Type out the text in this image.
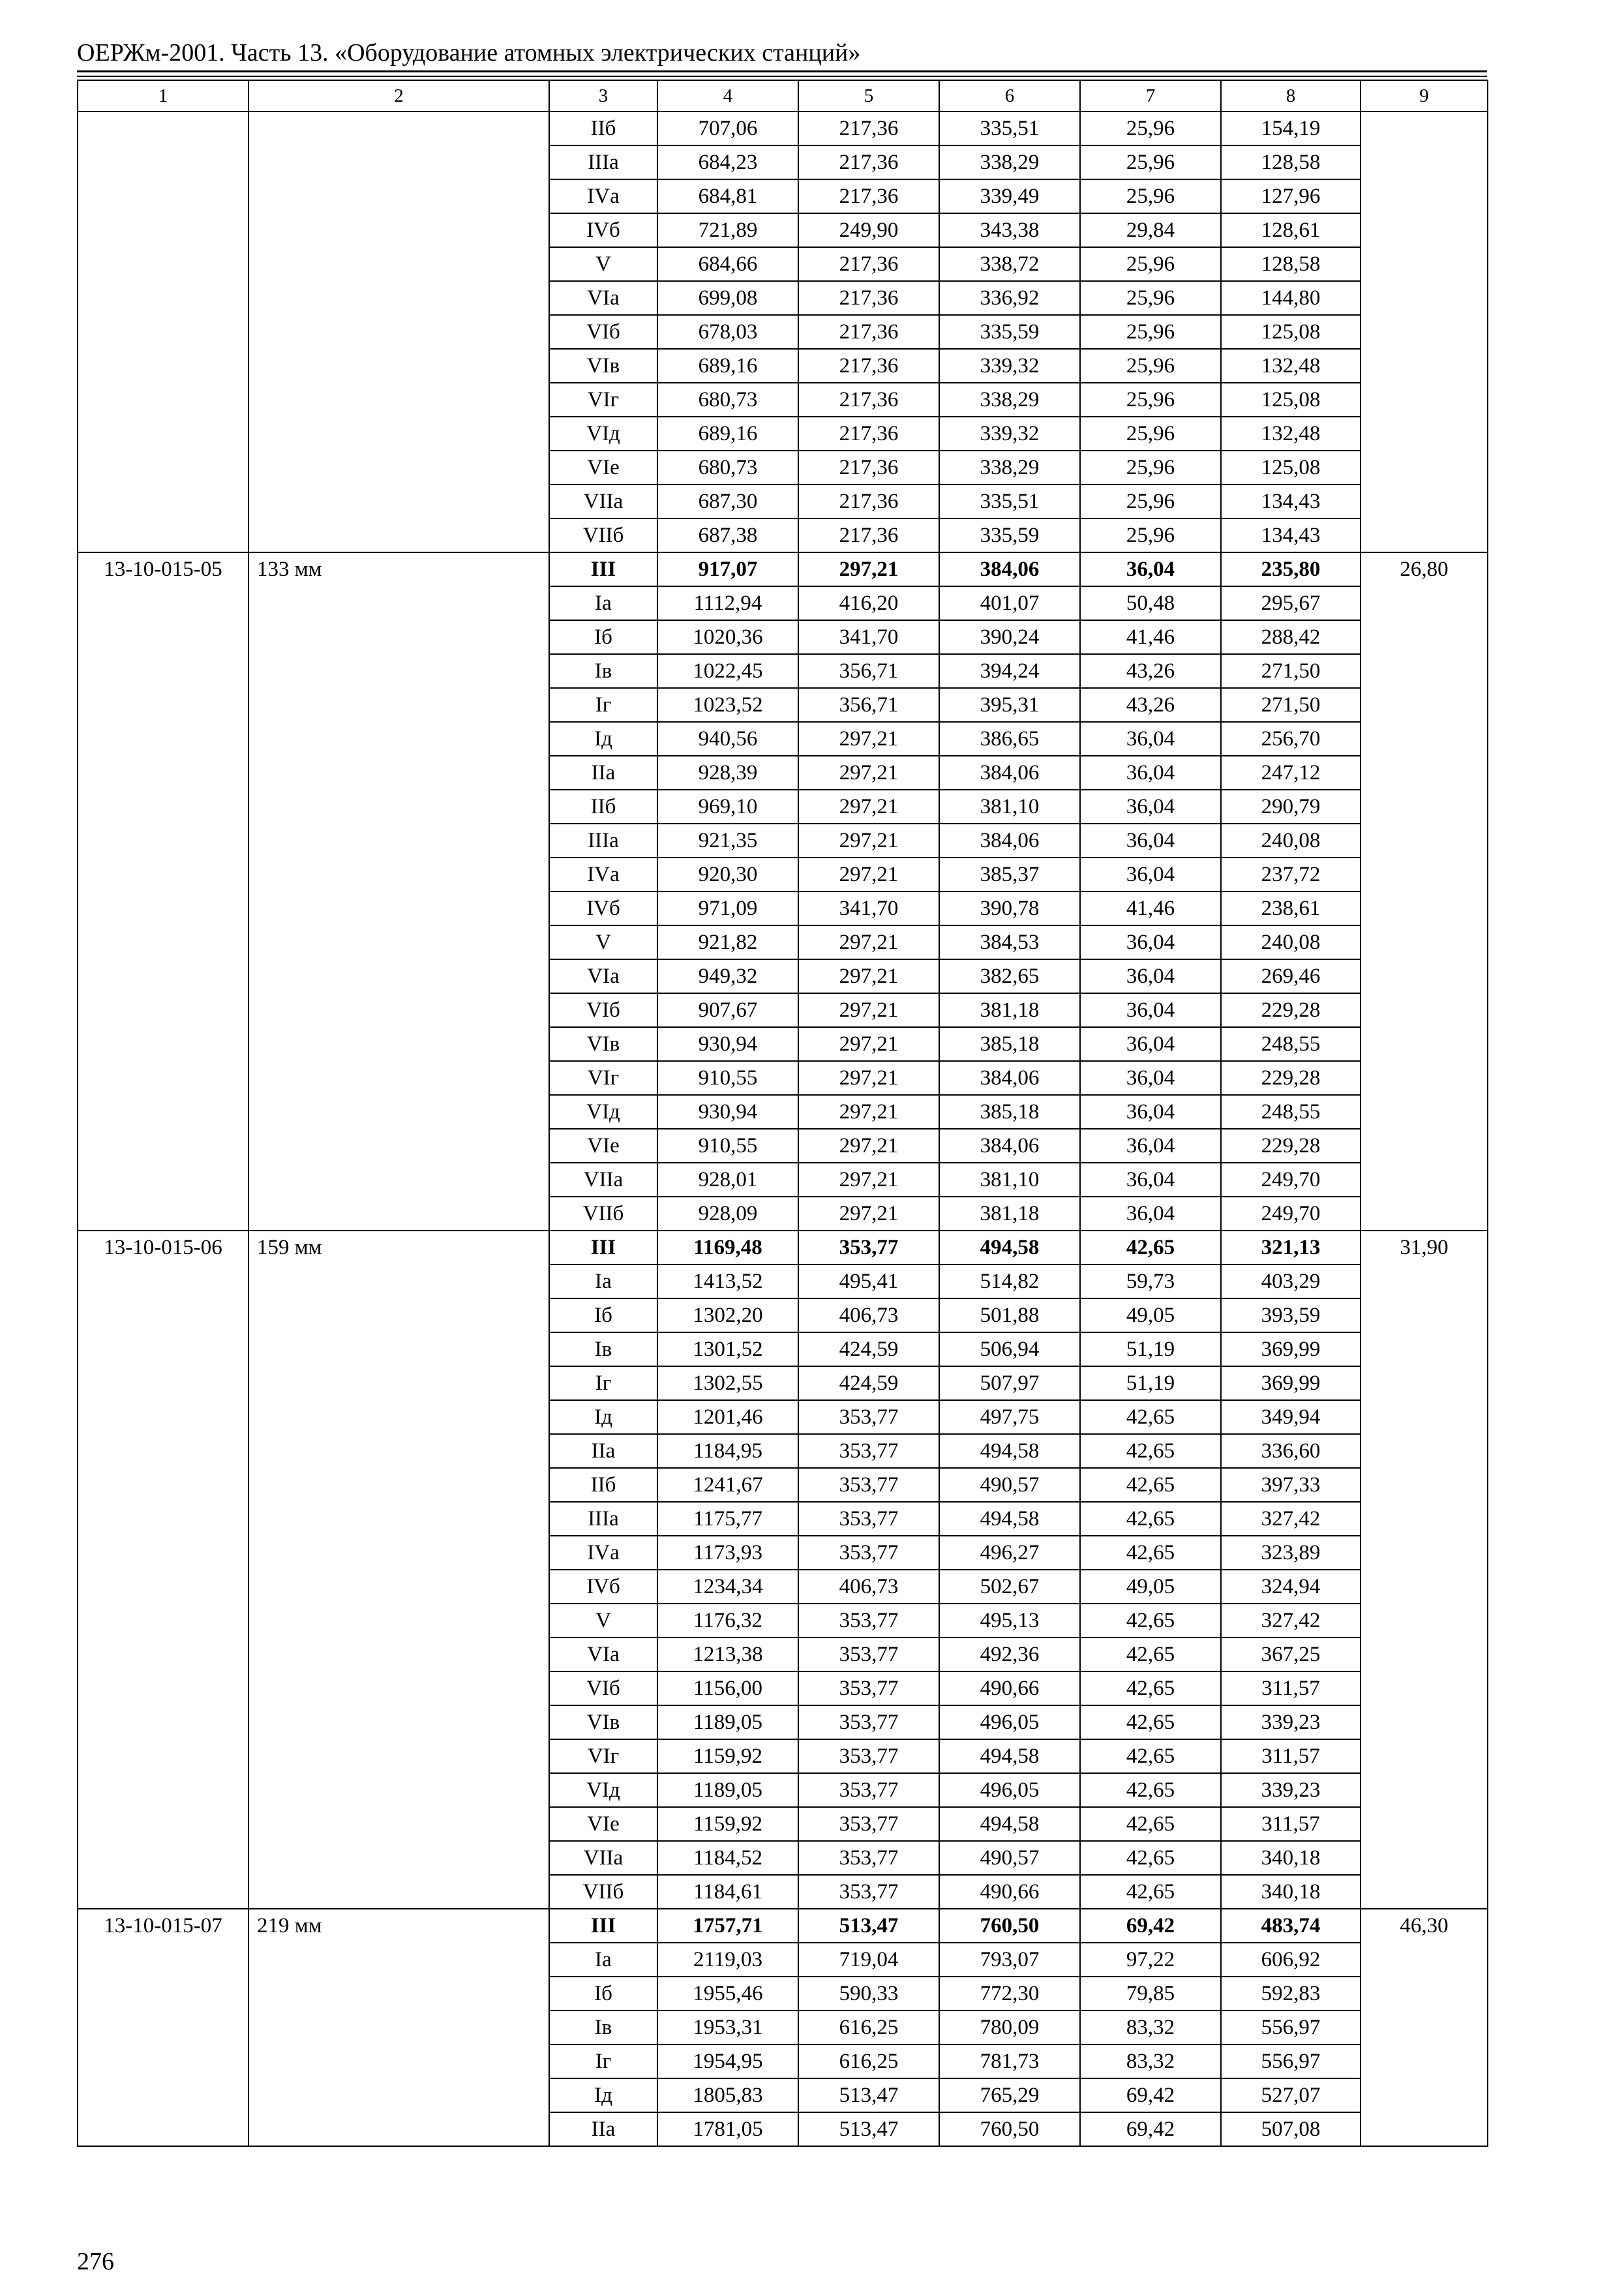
ОЕРЖм-2001. Часть 13. «Оборудование атомных электрических станций»
1	2	3	4	5	6	7	8	9
		IIб	707,06	217,36	335,51	25,96	154,19	
		IIIа	684,23	217,36	338,29	25,96	128,58	
		IVа	684,81	217,36	339,49	25,96	127,96	
		IVб	721,89	249,90	343,38	29,84	128,61	
		V	684,66	217,36	338,72	25,96	128,58	
		VIа	699,08	217,36	336,92	25,96	144,80	
		VIб	678,03	217,36	335,59	25,96	125,08	
		VIв	689,16	217,36	339,32	25,96	132,48	
		VIг	680,73	217,36	338,29	25,96	125,08	
		VIд	689,16	217,36	339,32	25,96	132,48	
		VIе	680,73	217,36	338,29	25,96	125,08	
		VIIа	687,30	217,36	335,51	25,96	134,43	
		VIIб	687,38	217,36	335,59	25,96	134,43	
13-10-015-05	133 мм	III	917,07	297,21	384,06	36,04	235,80	26,80
		Iа	1112,94	416,20	401,07	50,48	295,67	
		Iб	1020,36	341,70	390,24	41,46	288,42	
		Iв	1022,45	356,71	394,24	43,26	271,50	
		Iг	1023,52	356,71	395,31	43,26	271,50	
		Iд	940,56	297,21	386,65	36,04	256,70	
		IIа	928,39	297,21	384,06	36,04	247,12	
		IIб	969,10	297,21	381,10	36,04	290,79	
		IIIа	921,35	297,21	384,06	36,04	240,08	
		IVа	920,30	297,21	385,37	36,04	237,72	
		IVб	971,09	341,70	390,78	41,46	238,61	
		V	921,82	297,21	384,53	36,04	240,08	
		VIа	949,32	297,21	382,65	36,04	269,46	
		VIб	907,67	297,21	381,18	36,04	229,28	
		VIв	930,94	297,21	385,18	36,04	248,55	
		VIг	910,55	297,21	384,06	36,04	229,28	
		VIд	930,94	297,21	385,18	36,04	248,55	
		VIе	910,55	297,21	384,06	36,04	229,28	
		VIIа	928,01	297,21	381,10	36,04	249,70	
		VIIб	928,09	297,21	381,18	36,04	249,70	
13-10-015-06	159 мм	III	1169,48	353,77	494,58	42,65	321,13	31,90
		Iа	1413,52	495,41	514,82	59,73	403,29	
		Iб	1302,20	406,73	501,88	49,05	393,59	
		Iв	1301,52	424,59	506,94	51,19	369,99	
		Iг	1302,55	424,59	507,97	51,19	369,99	
		Iд	1201,46	353,77	497,75	42,65	349,94	
		IIа	1184,95	353,77	494,58	42,65	336,60	
		IIб	1241,67	353,77	490,57	42,65	397,33	
		IIIа	1175,77	353,77	494,58	42,65	327,42	
		IVа	1173,93	353,77	496,27	42,65	323,89	
		IVб	1234,34	406,73	502,67	49,05	324,94	
		V	1176,32	353,77	495,13	42,65	327,42	
		VIа	1213,38	353,77	492,36	42,65	367,25	
		VIб	1156,00	353,77	490,66	42,65	311,57	
		VIв	1189,05	353,77	496,05	42,65	339,23	
		VIг	1159,92	353,77	494,58	42,65	311,57	
		VIд	1189,05	353,77	496,05	42,65	339,23	
		VIе	1159,92	353,77	494,58	42,65	311,57	
		VIIа	1184,52	353,77	490,57	42,65	340,18	
		VIIб	1184,61	353,77	490,66	42,65	340,18	
13-10-015-07	219 мм	III	1757,71	513,47	760,50	69,42	483,74	46,30
		Iа	2119,03	719,04	793,07	97,22	606,92	
		Iб	1955,46	590,33	772,30	79,85	592,83	
		Iв	1953,31	616,25	780,09	83,32	556,97	
		Iг	1954,95	616,25	781,73	83,32	556,97	
		Iд	1805,83	513,47	765,29	69,42	527,07	
		IIа	1781,05	513,47	760,50	69,42	507,08	
276
